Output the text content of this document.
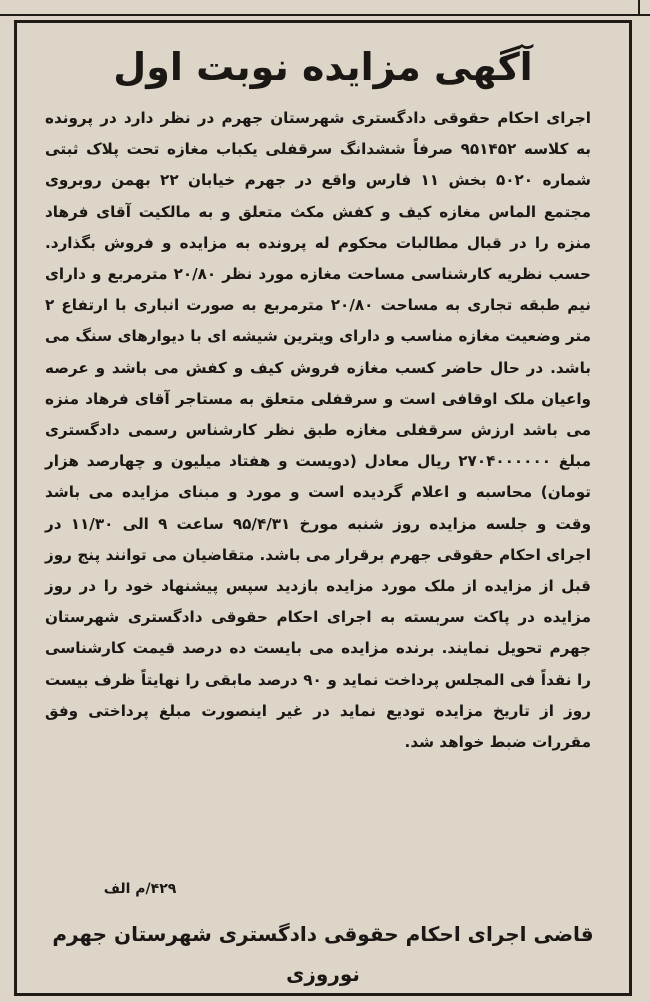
آگهی مزایده نوبت اول

اجرای احکام حقوقی دادگستری شهرستان جهرم در نظر دارد در پرونده به کلاسه ۹۵۱۴۵۲ صرفاً ششدانگ سرقفلی یکباب مغازه تحت پلاک ثبتی شماره ۵۰۲۰ بخش ۱۱ فارس واقع در جهرم خیابان ۲۲ بهمن روبروی مجتمع الماس مغازه کیف و کفش مکث متعلق و به مالکیت آقای فرهاد منزه را در قبال مطالبات محکوم له پرونده به مزایده و فروش بگذارد. حسب نظریه کارشناسی مساحت مغازه مورد نظر ۲۰/۸۰ مترمربع و دارای نیم طبقه تجاری به مساحت ۲۰/۸۰ مترمربع به صورت انباری با ارتفاع ۲ متر وضعیت مغازه مناسب و دارای ویترین شیشه ای با دیوارهای سنگ می باشد. در حال حاضر کسب مغازه فروش کیف و کفش می باشد و عرصه واعیان ملک اوقافی است و سرقفلی متعلق به مستاجر آقای فرهاد منزه می باشد ارزش سرقفلی مغازه طبق نظر کارشناس رسمی دادگستری مبلغ ۲۷۰۴۰۰۰۰۰۰ ریال معادل (دویست و هفتاد میلیون و چهارصد هزار تومان) محاسبه و اعلام گردیده است و مورد و مبنای مزایده می باشد وقت و جلسه مزایده روز شنبه مورخ ۹۵/۴/۳۱ ساعت ۹ الی ۱۱/۳۰ در اجرای احکام حقوقی جهرم برقرار می باشد. متقاضیان می توانند پنج روز قبل از مزایده از ملک مورد مزایده بازدید سپس پیشنهاد خود را در روز مزایده در پاکت سربسته به اجرای احکام حقوقی دادگستری شهرستان جهرم تحویل نمایند. برنده مزایده می بایست ده درصد قیمت کارشناسی را نقداً فی المجلس پرداخت نماید و ۹۰ درصد مابقی را نهایتاً ظرف بیست روز از تاریخ مزایده تودیع نماید در غیر اینصورت مبلغ پرداختی وفق مقررات ضبط خواهد شد.

۴۲۹/م الف
قاضی اجرای احکام حقوقی دادگستری شهرستان جهرم
نوروزی
